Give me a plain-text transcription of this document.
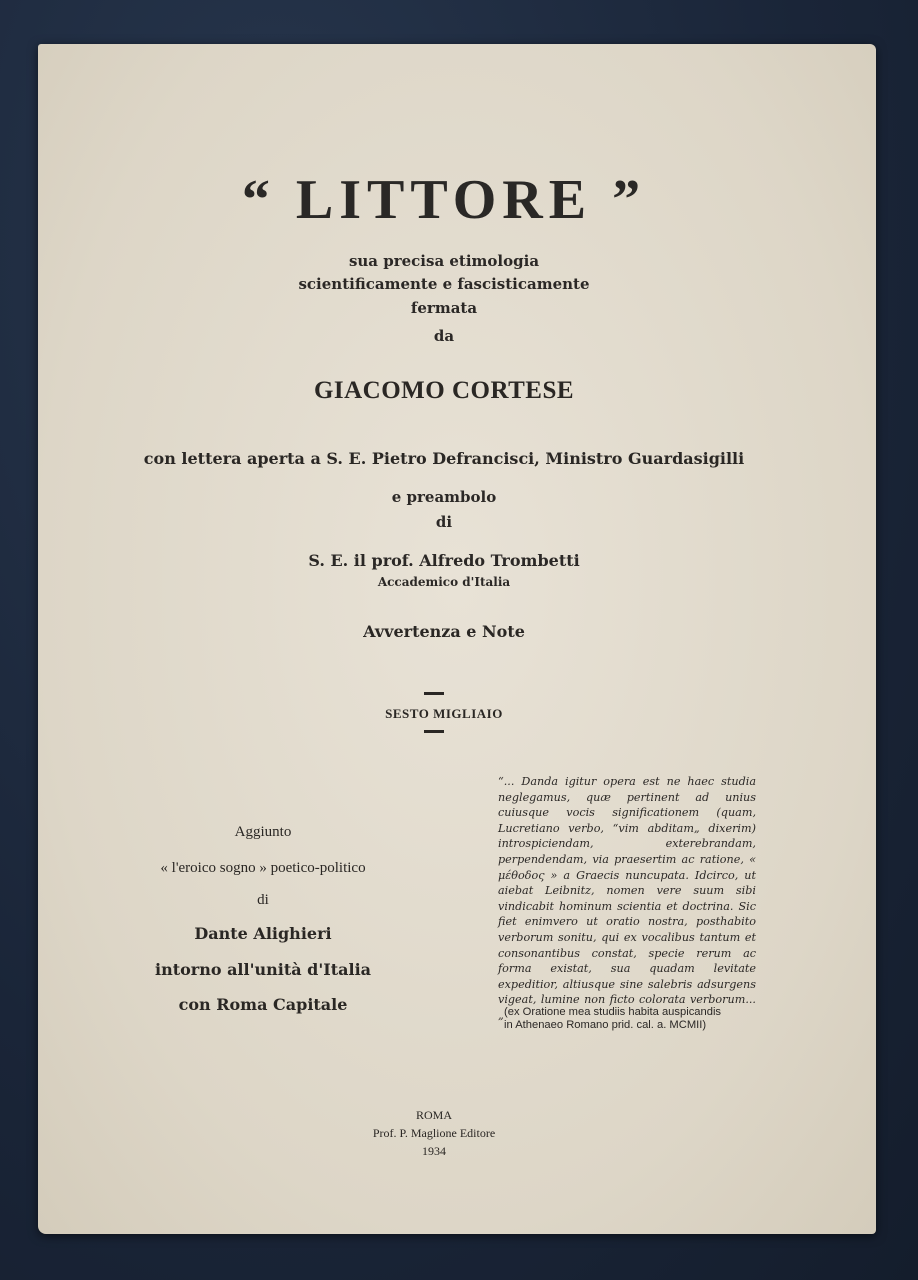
“ LITTORE ”
sua precisa etimologia
scientificamente e fascisticamente
fermata
da
GIACOMO CORTESE
con lettera aperta a S. E. Pietro Defrancisci, Ministro Guardasigilli
e preambolo
di
S. E. il prof. Alfredo Trombetti
Accademico d'Italia
Avvertenza e Note
SESTO MIGLIAIO
Aggiunto
« l'eroico sogno » poetico-politico
di
Dante Alighieri
intorno all'unità d'Italia
con Roma Capitale
“... Danda igitur opera est ne haec studia neglegamus, quæ pertinent ad unius cuiusque vocis significationem (quam, Lucretiano verbo, “vim abditam„ dixerim) introspiciendam, exterebrandam, perpendendam, via praesertim ac ratione, « μέθοδος » a Graecis nuncupata. Idcirco, ut aiebat Leibnitz, nomen vere suum sibi vindicabit hominum scientia et doctrina. Sic fiet enimvero ut oratio nostra, posthabito verborum sonitu, qui ex vocalibus tantum et consonantibus constat, specie rerum ac forma existat, sua quadam levitate expeditior, altiusque sine salebris adsurgens vigeat, lumine non ficto colorata verborum... „ (ex Oratione mea studiis habita auspicandis
in Athenaeo Romano prid. cal. a. MCMII)
ROMA
Prof. P. Maglione Editore
1934
